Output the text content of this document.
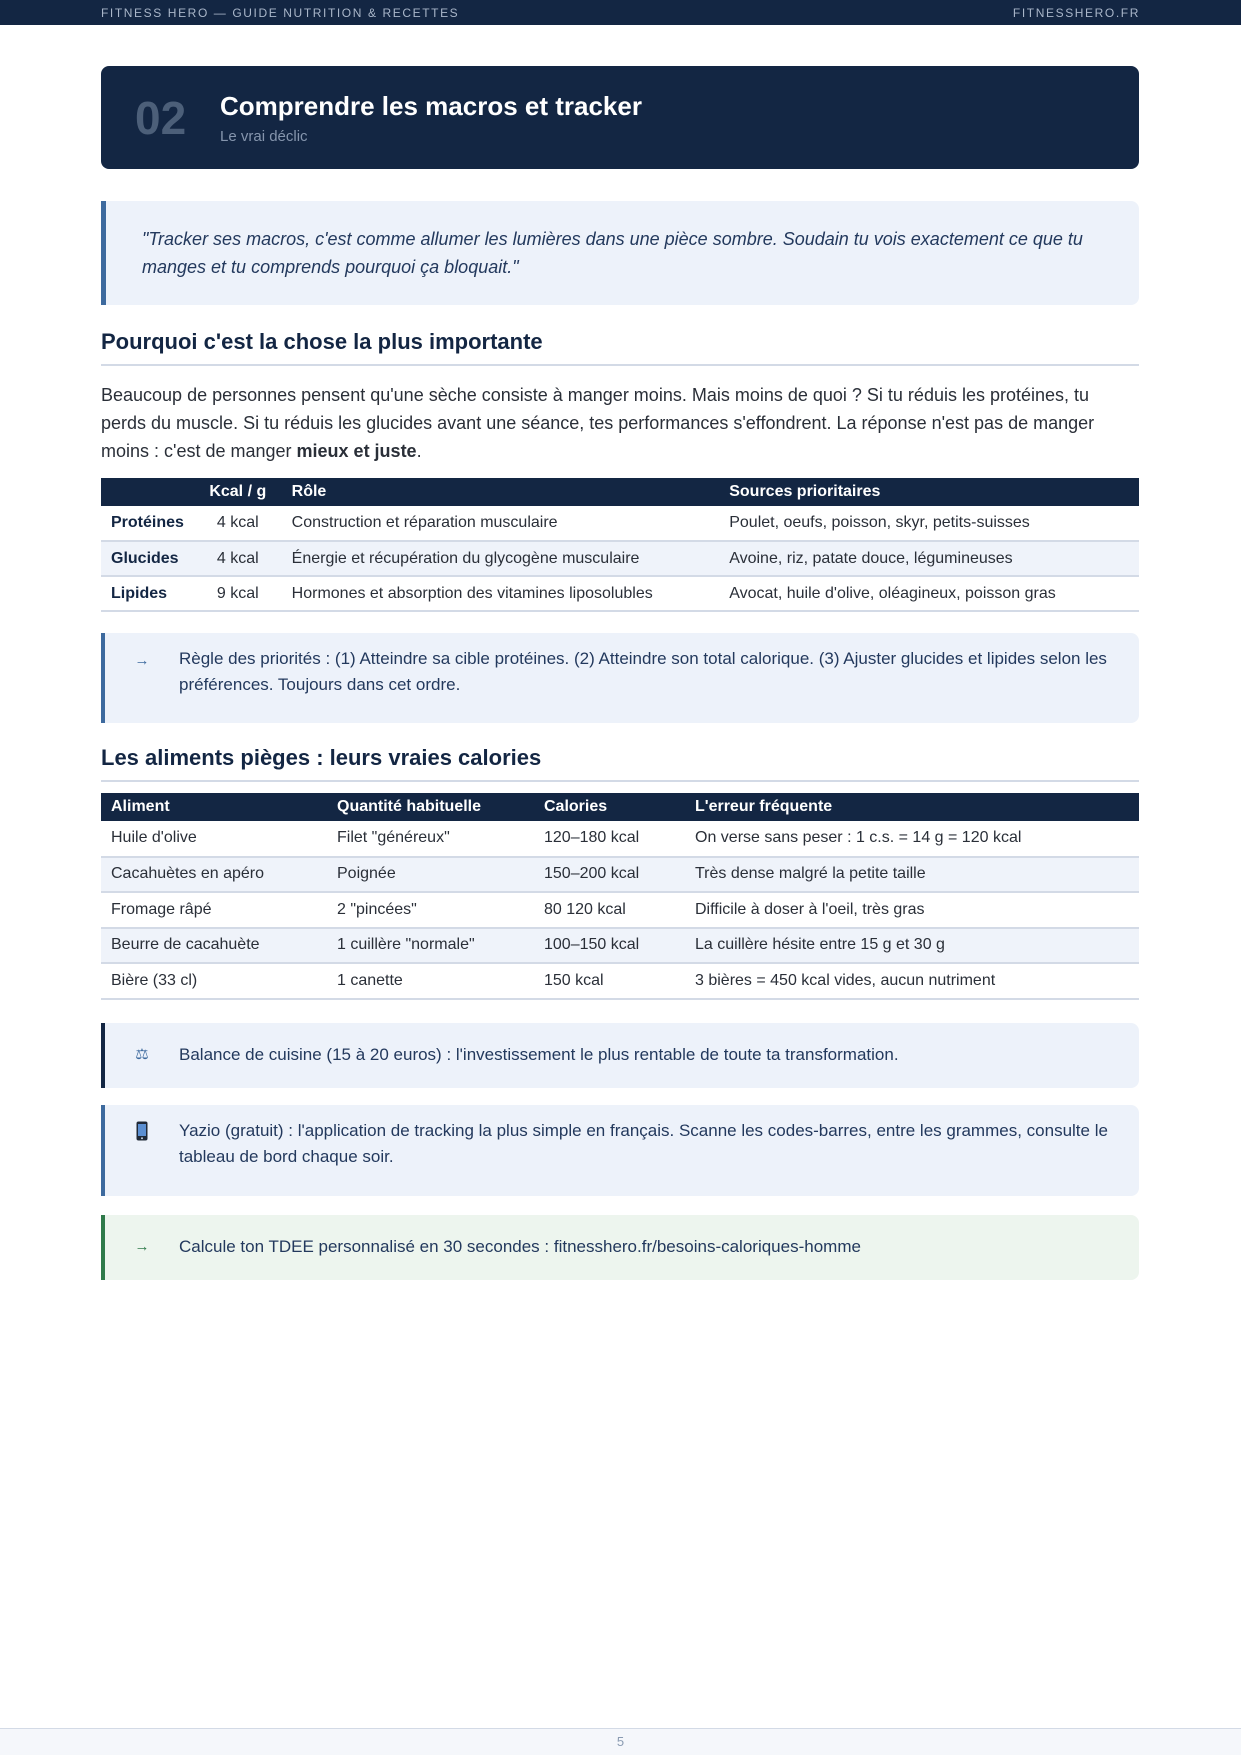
FITNESS HERO — GUIDE NUTRITION & RECETTES	FITNESSHERO.FR
02	Comprendre les macros et tracker
Le vrai déclic
"Tracker ses macros, c'est comme allumer les lumières dans une pièce sombre. Soudain tu vois exactement ce que tu manges et tu comprends pourquoi ça bloquait."
Pourquoi c'est la chose la plus importante

Beaucoup de personnes pensent qu'une sèche consiste à manger moins. Mais moins de quoi ? Si tu réduis les protéines, tu perds du muscle. Si tu réduis les glucides avant une séance, tes performances s'effondrent. La réponse n'est pas de manger moins : c'est de manger mieux et juste.

	Kcal / g	Rôle	Sources prioritaires
Protéines	4 kcal	Construction et réparation musculaire	Poulet, oeufs, poisson, skyr, petits-suisses
Glucides	4 kcal	Énergie et récupération du glycogène musculaire	Avoine, riz, patate douce, légumineuses
Lipides	9 kcal	Hormones et absorption des vitamines liposolubles	Avocat, huile d'olive, oléagineux, poisson gras
→	Règle des priorités : (1) Atteindre sa cible protéines. (2) Atteindre son total calorique. (3) Ajuster glucides et lipides selon les préférences. Toujours dans cet ordre.
Les aliments pièges : leurs vraies calories
Aliment	Quantité habituelle	Calories	L'erreur fréquente
Huile d'olive	Filet "généreux"	120–180 kcal	On verse sans peser : 1 c.s. = 14 g = 120 kcal
Cacahuètes en apéro	Poignée	150–200 kcal	Très dense malgré la petite taille
Fromage râpé	2 "pincées"	80 120 kcal	Difficile à doser à l'oeil, très gras
Beurre de cacahuète	1 cuillère "normale"	100–150 kcal	La cuillère hésite entre 15 g et 30 g
Bière (33 cl)	1 canette	150 kcal	3 bières = 450 kcal vides, aucun nutriment
⚖	Balance de cuisine (15 à 20 euros) : l'investissement le plus rentable de toute ta transformation.
Yazio (gratuit) : l'application de tracking la plus simple en français. Scanne les codes-barres, entre les grammes, consulte le tableau de bord chaque soir.
→	Calcule ton TDEE personnalisé en 30 secondes : fitnesshero.fr/besoins-caloriques-homme
5
